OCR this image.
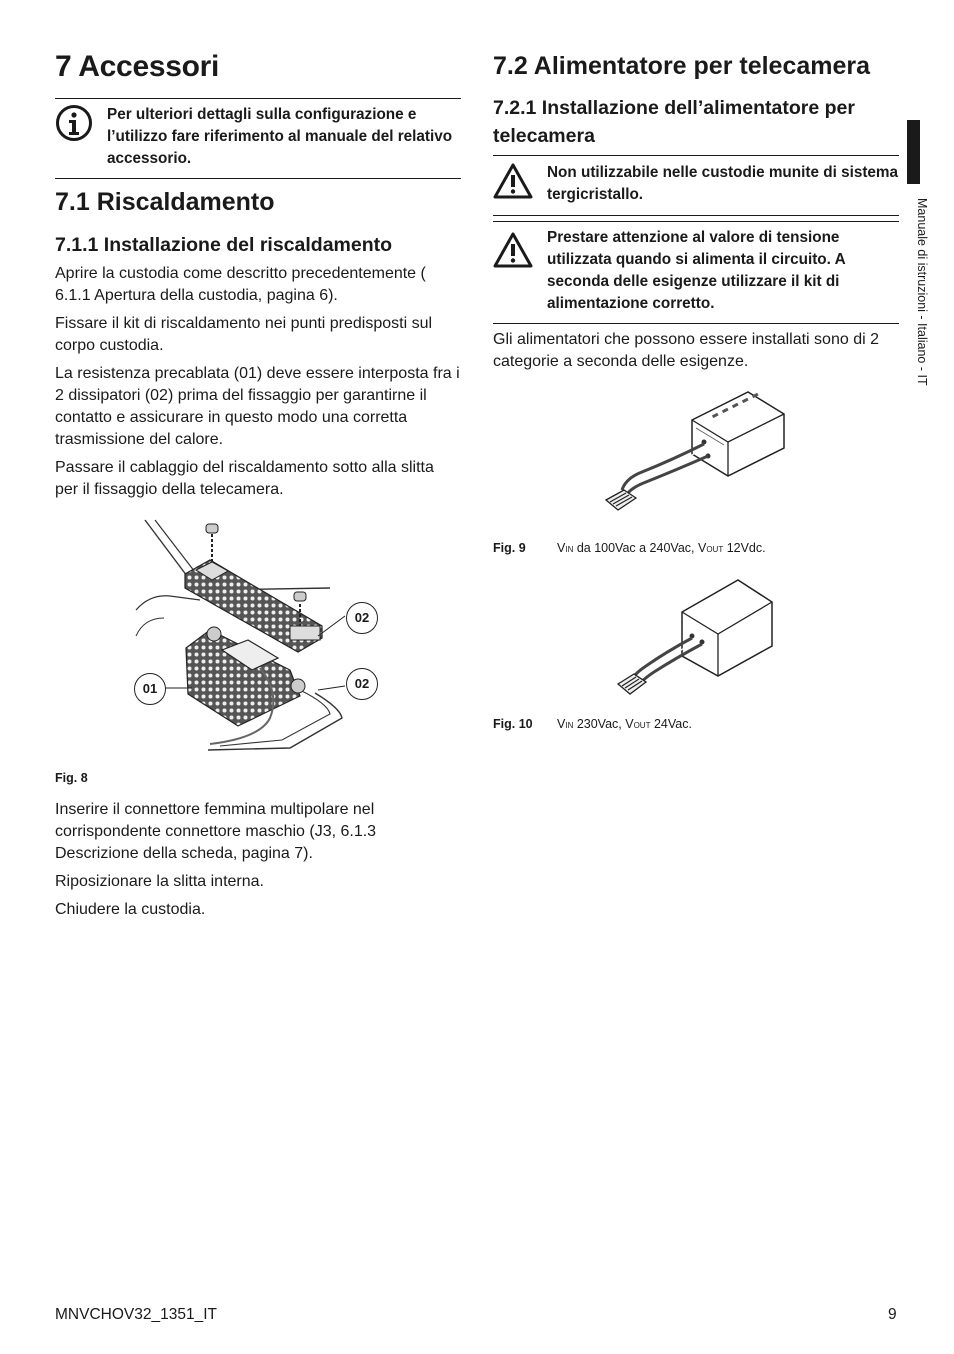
7 Accessori
Per ulteriori dettagli sulla configurazione e l’utilizzo fare riferimento al manuale del relativo accessorio.
7.1 Riscaldamento
7.1.1 Installazione del riscaldamento

Aprire la custodia come descritto precedentemente ( 6.1.1 Apertura della custodia, pagina 6).

Fissare il kit di riscaldamento nei punti predisposti sul corpo custodia.

La resistenza precablata (01) deve essere interposta fra i 2 dissipatori (02) prima del fissaggio per garantirne il contatto e assicurare in questo modo una corretta trasmissione del calore.

Passare il cablaggio del riscaldamento sotto alla slitta per il fissaggio della telecamera.

02
02
01
Fig. 8

Inserire il connettore femmina multipolare nel corrispondente connettore maschio (J3, 6.1.3 Descrizione della scheda, pagina 7).

Riposizionare la slitta interna.

Chiudere la custodia.

7.2 Alimentatore per telecamera
7.2.1 Installazione dell’alimentatore per telecamera
Non utilizzabile nelle custodie munite di sistema tergicristallo.
Prestare attenzione al valore di tensione utilizzata quando si alimenta il circuito. A seconda delle esigenze utilizzare il kit di alimentazione corretto.

Gli alimentatori che possono essere installati sono di 2 categorie a seconda delle esigenze.

Fig. 9	VIN da 100Vac a 240Vac, VOUT 12Vdc.
Fig. 10 VIN 230Vac, VOUT 24Vac.
Manuale di istruzioni - Italiano - IT
MNVCHOV32_1351_IT	9
